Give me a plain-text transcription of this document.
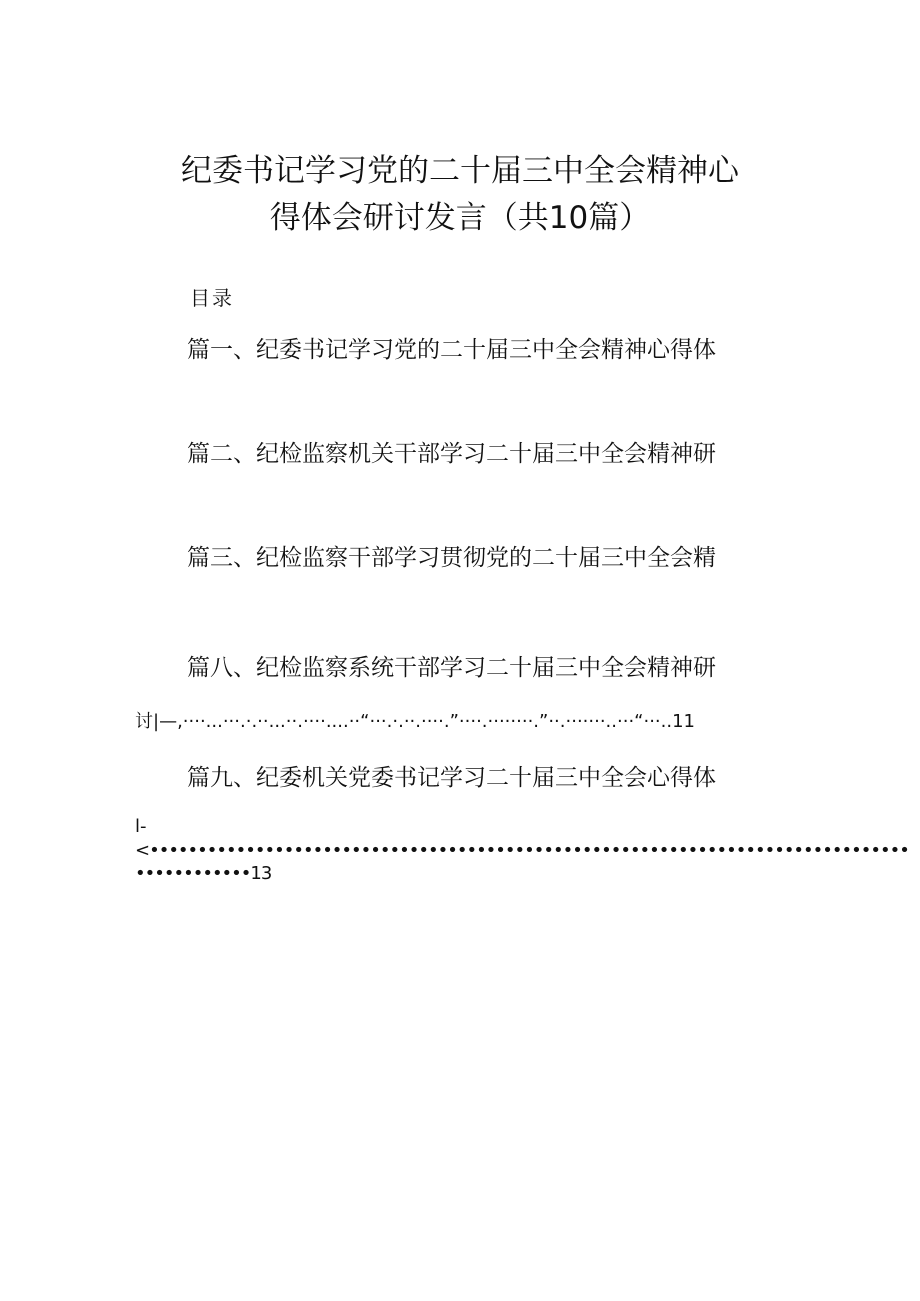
纪委书记学习党的二十届三中全会精神心
得体会研讨发言（共10篇）
目录
篇一、纪委书记学习党的二十届三中全会精神心得体
篇二、纪检监察机关干部学习二十届三中全会精神研
篇三、纪检监察干部学习贯彻党的二十届三中全会精
篇八、纪检监察系统干部学习二十届三中全会精神研
讨|—,····...···.·.··...··.····....··“···.·.··.····.”····.········.”··.·······..···“···..11
篇九、纪委机关党委书记学习二十届三中全会心得体
l-
<•••••••••••••••••••••••••••••••••••••••••••••••••••••••••••••••••••••••••••••••
••••••••••••13
